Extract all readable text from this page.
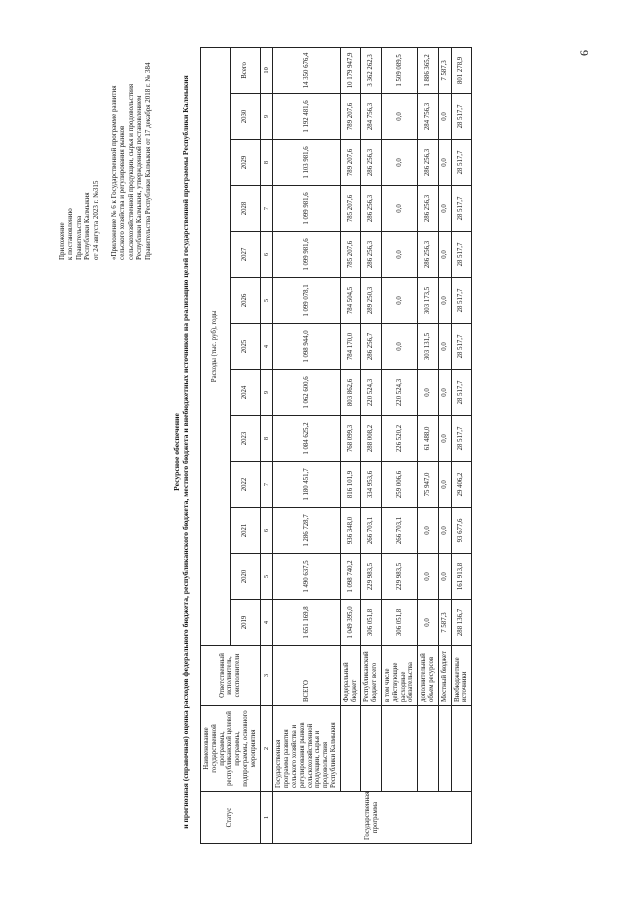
Приложение
к постановлению
Правительства
Республики Калмыкия
от 24 августа 2023 г. №315 «Приложение № 6 к Государственной программе развития сельского хозяйства и регулирования рынков сельскохозяйственной продукции, сырья и продовольствия Республики Калмыкия, утвержденной постановлением Правительства Республики Калмыкия от 17 декабря 2018 г. № 384

Ресурсное обеспечение и прогнозная (справочная) оценка расходов федерального бюджета, республиканского бюджета, местного бюджета и внебюджетных источников на реализацию целей государственной программы Республики Калмыкия	Статус	Наименование государственной программы, республиканской целевой программы, подпрограммы, основного мероприятия	Ответственный исполнитель, соисполнители	Расходы (тыс. руб), годы												
			2019	2020	2021	2022	2023	2024	2025	2026	2027	2028	2029	2030	Всего
1	2	3	4	5	6	7	8	9	4	5	6	7	8	9	10
Государственная программа	Государственная программа развития сельского хозяйства и регулирования рынков сельскохозяйственной продукции, сырья и продовольствия Республики Калмыкия	ВСЕГО	1 651 169,8	1 490 637,5	1 286 728,7	1 180 451,7	1 084 625,2	1 062 600,6	1 098 944,0	1 099 078,1	1 099 981,6	1 099 981,6	1 103 981,6	1 192 481,6	14 350 676,4
		Федеральный бюджет	1 049 395,0	1 098 740,2	936 348,0	816 101,9	768 099,3	803 862,6	784 170,0	784 504,5	785 207,6	785 207,6	789 207,6	789 207,6	10 179 947,9
		Республиканский бюджет всего	306 051,8	229 983,5	266 703,1	334 953,6	288 008,2	220 524,3	286 256,7	289 250,3	286 256,3	286 256,3	286 256,3	284 756,3	3 362 262,3
		в том числе действующие расходные обязательства	306 051,8	229 983,5	266 703,1	259 006,6	226 520,2	220 524,3	0,0	0,0	0,0	0,0	0,0	0,0	1 509 089,5
		дополнительный объем ресурсов	0,0	0,0	0,0	75 947,0	61 488,0	0,0	303 131,5	303 173,5	286 256,3	286 256,3	286 256,3	284 756,3	1 886 365,2
		Местный бюджет	7 587,3	0,0	0,0	0,0	0,0	0,0	0,0	0,0	0,0	0,0	0,0	0,0	7 587,3
		Внебюджетные источники	288 136,7	161 913,8	93 677,6	29 406,2	28 517,7	28 517,7	28 517,7	28 517,7	28 517,7	28 517,7	28 517,7	28 517,7	801 278,9
6
